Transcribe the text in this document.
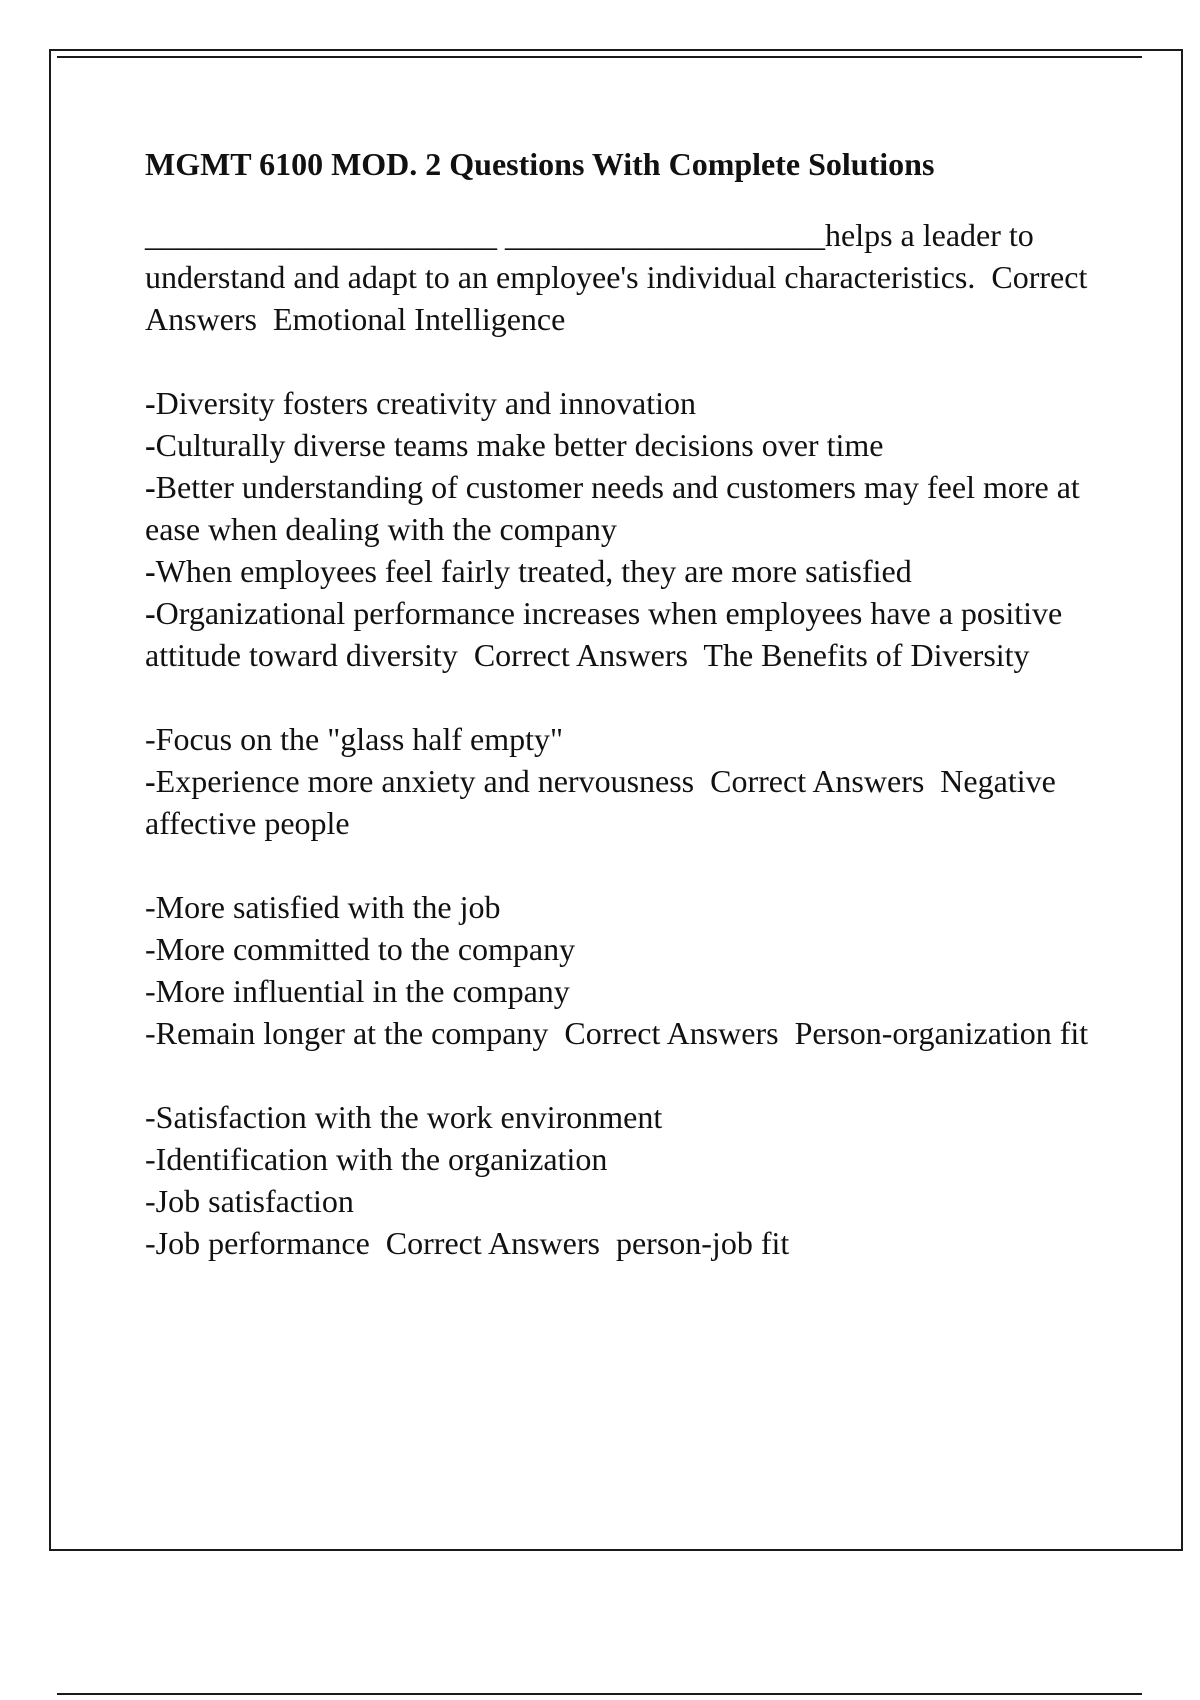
MGMT 6100 MOD. 2 Questions With Complete Solutions
______________________ ____________________helps a leader to understand and adapt to an employee's individual characteristics.  Correct Answers  Emotional Intelligence
-Diversity fosters creativity and innovation
-Culturally diverse teams make better decisions over time
-Better understanding of customer needs and customers may feel more at ease when dealing with the company
-When employees feel fairly treated, they are more satisfied
-Organizational performance increases when employees have a positive attitude toward diversity  Correct Answers  The Benefits of Diversity
-Focus on the "glass half empty"
-Experience more anxiety and nervousness  Correct Answers  Negative affective people
-More satisfied with the job
-More committed to the company
-More influential in the company
-Remain longer at the company  Correct Answers  Person-organization fit
-Satisfaction with the work environment
-Identification with the organization
-Job satisfaction
-Job performance  Correct Answers  person-job fit
